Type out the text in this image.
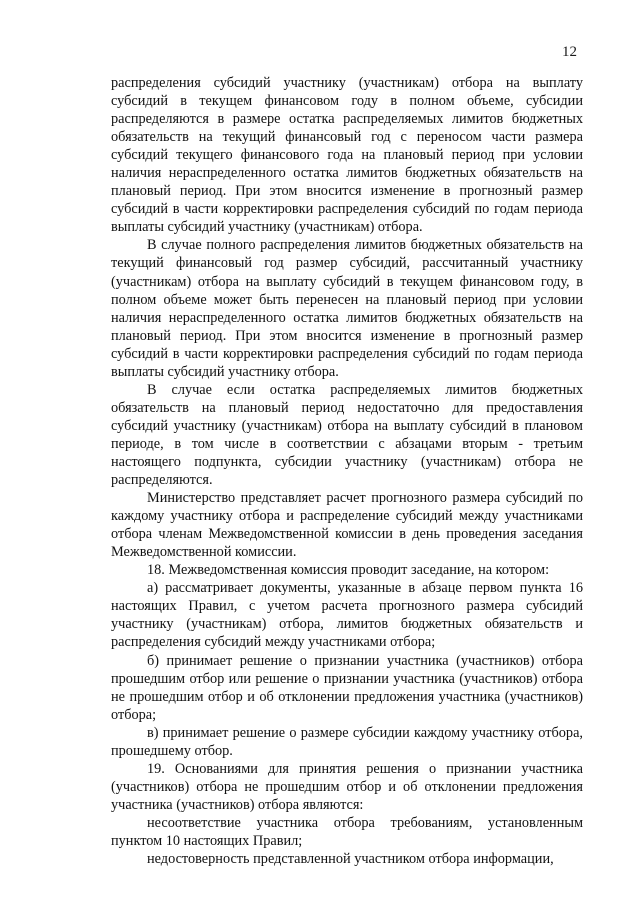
12

распределения субсидий участнику (участникам) отбора на выплату субсидий в текущем финансовом году в полном объеме, субсидии распределяются в размере остатка распределяемых лимитов бюджетных обязательств на текущий финансовый год с переносом части размера субсидий текущего финансового года на плановый период при условии наличия нераспределенного остатка лимитов бюджетных обязательств на плановый период. При этом вносится изменение в прогнозный размер субсидий в части корректировки распределения субсидий по годам периода выплаты субсидий участнику (участникам) отбора.

В случае полного распределения лимитов бюджетных обязательств на текущий финансовый год размер субсидий, рассчитанный участнику (участникам) отбора на выплату субсидий в текущем финансовом году, в полном объеме может быть перенесен на плановый период при условии наличия нераспределенного остатка лимитов бюджетных обязательств на плановый период. При этом вносится изменение в прогнозный размер субсидий в части корректировки распределения субсидий по годам периода выплаты субсидий участнику отбора.

В случае если остатка распределяемых лимитов бюджетных обязательств на плановый период недостаточно для предоставления субсидий участнику (участникам) отбора на выплату субсидий в плановом периоде, в том числе в соответствии с абзацами вторым - третьим настоящего подпункта, субсидии участнику (участникам) отбора не распределяются.

Министерство представляет расчет прогнозного размера субсидий по каждому участнику отбора и распределение субсидий между участниками отбора членам Межведомственной комиссии в день проведения заседания Межведомственной комиссии.

18. Межведомственная комиссия проводит заседание, на котором:

а) рассматривает документы, указанные в абзаце первом пункта 16 настоящих Правил, с учетом расчета прогнозного размера субсидий участнику (участникам) отбора, лимитов бюджетных обязательств и распределения субсидий между участниками отбора;

б) принимает решение о признании участника (участников) отбора прошедшим отбор или решение о признании участника (участников) отбора не прошедшим отбор и об отклонении предложения участника (участников) отбора;

в) принимает решение о размере субсидии каждому участнику отбора, прошедшему отбор.

19. Основаниями для принятия решения о признании участника (участников) отбора не прошедшим отбор и об отклонении предложения участника (участников) отбора являются:

несоответствие участника отбора требованиям, установленным пунктом 10 настоящих Правил;

недостоверность представленной участником отбора информации,
